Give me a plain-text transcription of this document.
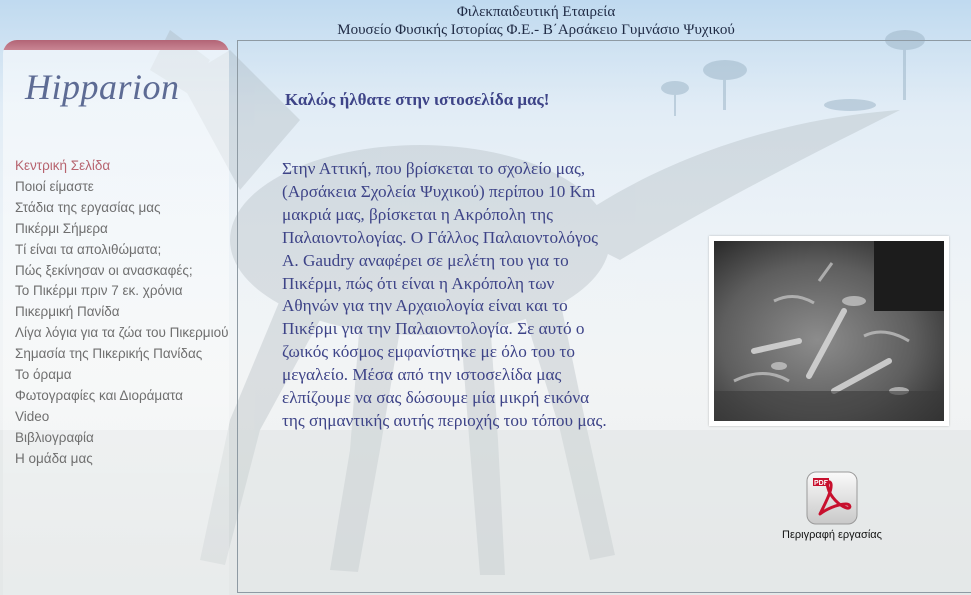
Φιλεκπαιδευτική Εταιρεία
Μουσείο Φυσικής Ιστορίας Φ.Ε.- Β΄Αρσάκειο Γυμνάσιο Ψυχικού
Hipparion
Κεντρική Σελίδα
Ποιοί είμαστε
Στάδια της εργασίας μας
Πικέρμι Σήμερα
Τί είναι τα απολιθώματα;
Πώς ξεκίνησαν οι ανασκαφές;
Το Πικέρμι πριν 7 εκ. χρόνια
Πικερμική Πανίδα
Λίγα λόγια για τα ζώα του Πικερμιού
Σημασία της Πικερικής Πανίδας
Το όραμα
Φωτογραφίες και Διοράματα
Video
Βιβλιογραφία
Η ομάδα μας
Καλώς ήλθατε στην ιστοσελίδα μας!

Στην Αττική, που βρίσκεται το σχολείο μας, (Αρσάκεια Σχολεία Ψυχικού) περίπου 10 Km μακριά μας, βρίσκεται η Ακρόπολη της Παλαιοντολογίας. Ο Γάλλος Παλαιοντολόγος Α. Gaudry αναφέρει σε μελέτη του για το Πικέρμι, πώς ότι είναι η Ακρόπολη των Αθηνών για την Αρχαιολογία είναι και το Πικέρμι για την Παλαιοντολογία. Σε αυτό ο ζωικός κόσμος εμφανίστηκε με όλο του το μεγαλείο. Μέσα από την ιστοσελίδα μας ελπίζουμε να σας δώσουμε μία μικρή εικόνα της σημαντικής αυτής περιοχής του τόπου μας.

PDF
Περιγραφή εργασίας
